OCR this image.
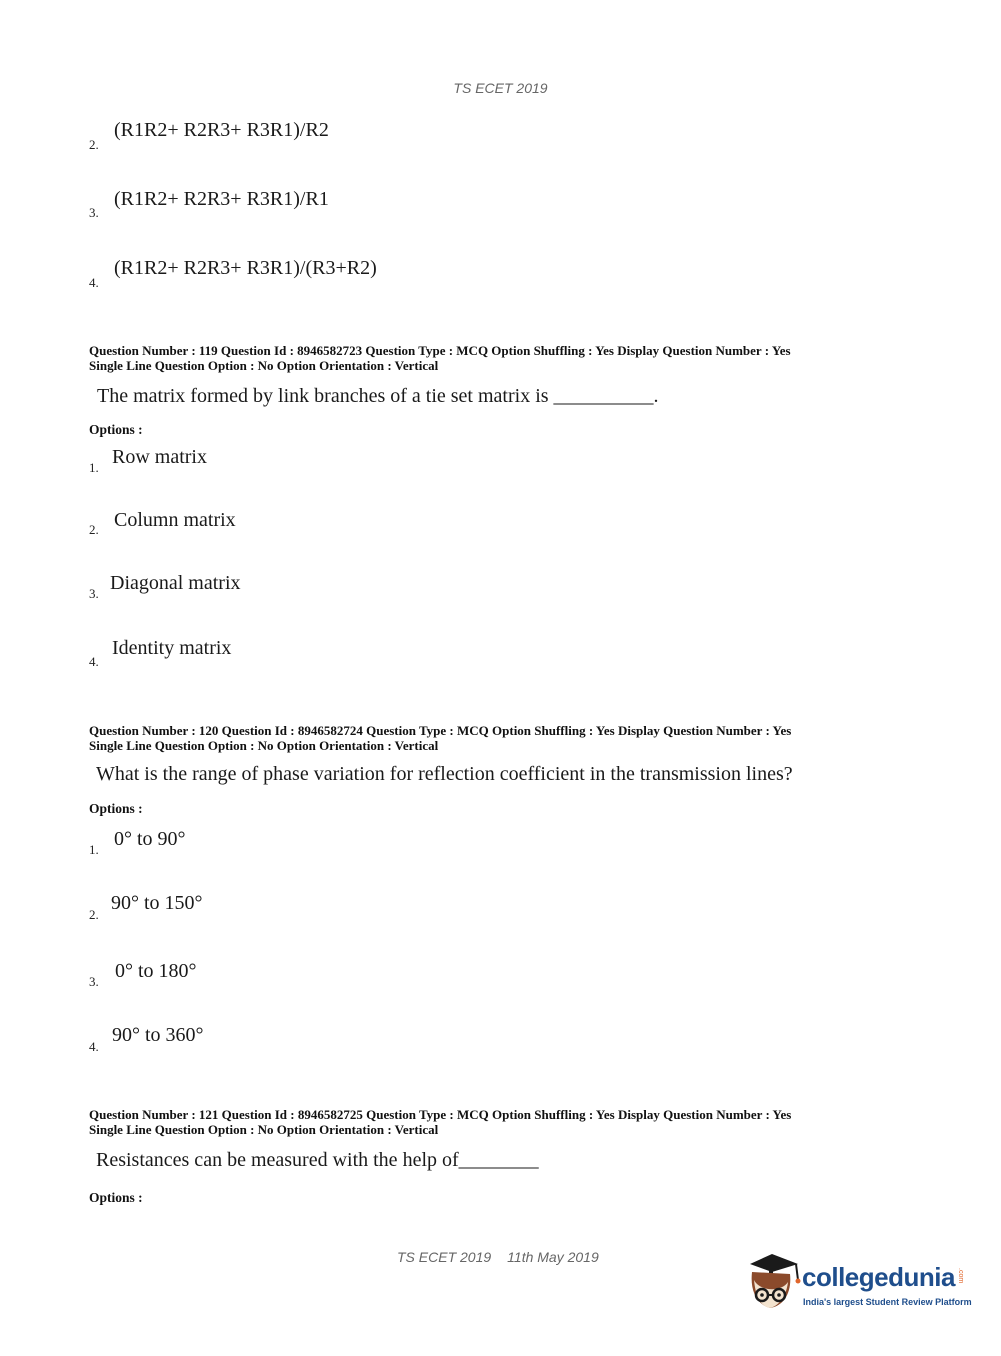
TS ECET 2019
2.
(R1R2+ R2R3+ R3R1)/R2
3.
(R1R2+ R2R3+ R3R1)/R1
4.
(R1R2+ R2R3+ R3R1)/(R3+R2)
Question Number : 119 Question Id : 8946582723 Question Type : MCQ Option Shuffling : Yes Display Question Number : Yes
Single Line Question Option : No Option Orientation : Vertical
The matrix formed by link branches of a tie set matrix is __________.
Options :
1. Row matrix
2. Column matrix
3. Diagonal matrix
4.
Identity matrix
Question Number : 120 Question Id : 8946582724 Question Type : MCQ Option Shuffling : Yes Display Question Number : Yes
Single Line Question Option : No Option Orientation : Vertical
What is the range of phase variation for reflection coefficient in the transmission lines?
Options :
1. 0° to 90°
2.
90° to 150°
3. 0° to 180°
4.
90° to 360°
Question Number : 121 Question Id : 8946582725 Question Type : MCQ Option Shuffling : Yes Display Question Number : Yes
Single Line Question Option : No Option Orientation : Vertical
Resistances can be measured with the help of________
Options :
TS ECET 2019 11th May 2019
collegedunia .com
India's largest Student Review Platform
